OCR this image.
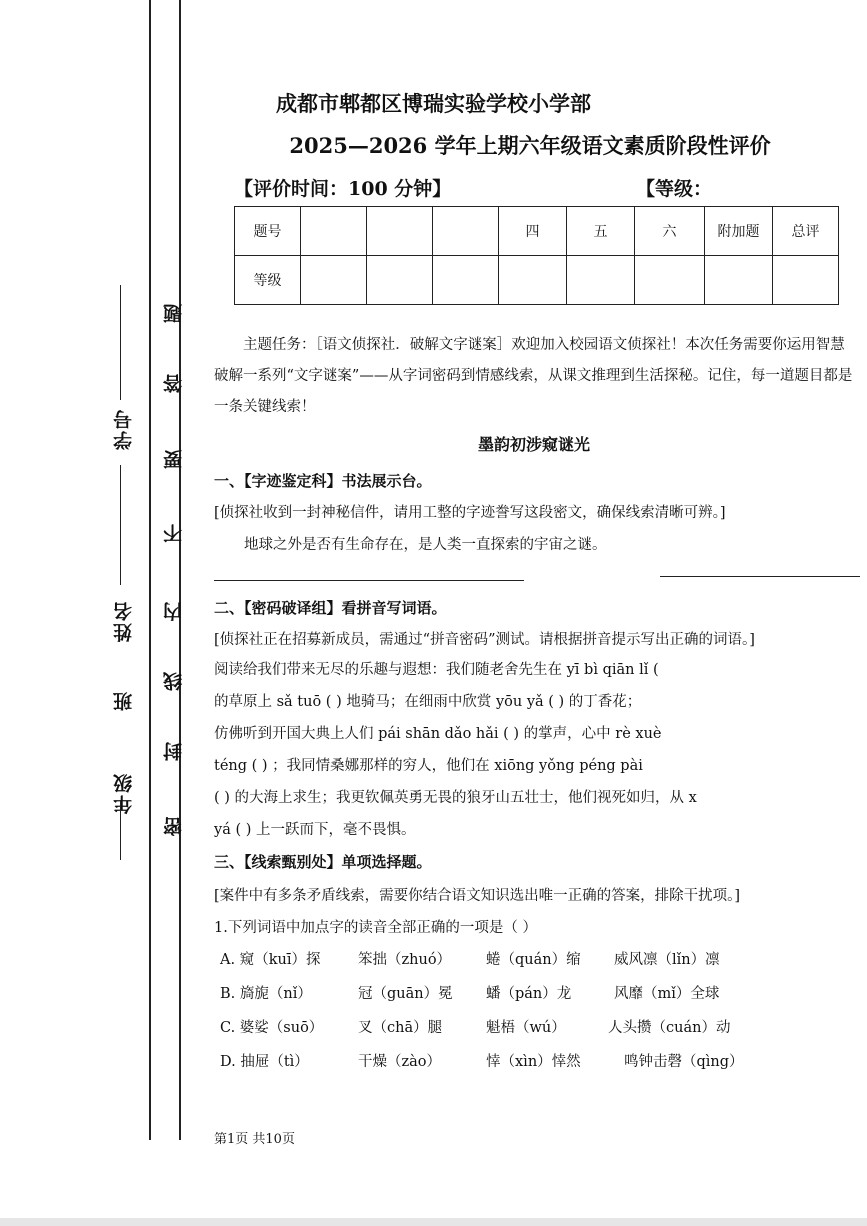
年级
班
姓名
学号
密
封
线
内
不
要
答
题
成都市郫都区博瑞实验学校小学部
2025—2026 学年上期六年级语文素质阶段性评价
【评价时间：100 分钟】	【等级：
题号				四	五	六	附加题	总评
等级								
主题任务：［语文侦探社．破解文字谜案］欢迎加入校园语文侦探社！本次任务需要你运用智慧破解一系列“文字谜案”——从字词密码到情感线索，从课文推理到生活探秘。记住，每一道题目都是一条关键线索！
墨韵初涉窥谜光
一、【字迹鉴定科】书法展示台。
[侦探社收到一封神秘信件，请用工整的字迹誊写这段密文，确保线索清晰可辨。]
地球之外是否有生命存在，是人类一直探索的宇宙之谜。
二、【密码破译组】看拼音写词语。
[侦探社正在招募新成员，需通过“拼音密码”测试。请根据拼音提示写出正确的词语。]
阅读给我们带来无尽的乐趣与遐想：我们随老舍先生在 yī bì qiān lǐ (
的草原上 sǎ tuō ( ) 地骑马；在细雨中欣赏 yōu yǎ ( ) 的丁香花；
仿佛听到开国大典上人们 pái shān dǎo hǎi ( ) 的掌声，心中 rè xuè
téng ( ) ；我同情桑娜那样的穷人，他们在 xiōng yǒng péng pài
( ) 的大海上求生；我更钦佩英勇无畏的狼牙山五壮士，他们视死如归，从 x
yá ( ) 上一跃而下，毫不畏惧。
三、【线索甄别处】单项选择题。
[案件中有多条矛盾线索，需要你结合语文知识选出唯一正确的答案，排除干扰项。]
1.下列词语中加点字的读音全部正确的一项是（ ）
A. 窥（kuī）探	笨拙（zhuó） 蜷（quán）缩 威风凛（lǐn）凛
B. 旖旎（nǐ）	冠（guān）冕 蟠（pán）龙	风靡（mǐ）全球
C. 婆娑（suō） 叉（chā）腿	魁梧（wú）	人头攒（cuán）动
D. 抽屉（tì）	干燥（zào）	悻（xìn）悻然	鸣钟击磬（qìng）
第1页 共10页
